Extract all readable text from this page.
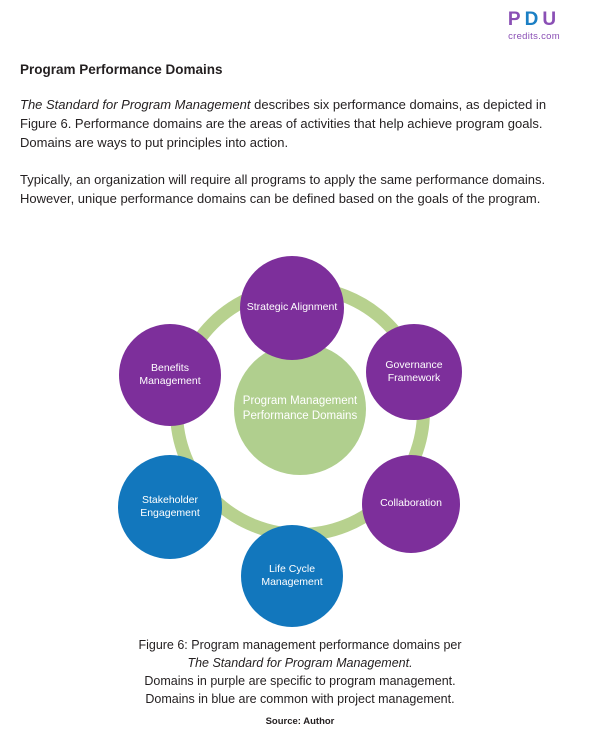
PDU
credits.com
Program Performance Domains

The Standard for Program Management describes six performance domains, as depicted in Figure 6. Performance domains are the areas of activities that help achieve program goals. Domains are ways to put principles into action.

Typically, an organization will require all programs to apply the same performance domains. However, unique performance domains can be defined based on the goals of the program.

Program Management Performance Domains
Strategic Alignment
Governance Framework
Collaboration
Life Cycle Management
Stakeholder Engagement
Benefits Management
Figure 6: Program management performance domains per
The Standard for Program Management.
Domains in purple are specific to program management.
Domains in blue are common with project management.
Source: Author
